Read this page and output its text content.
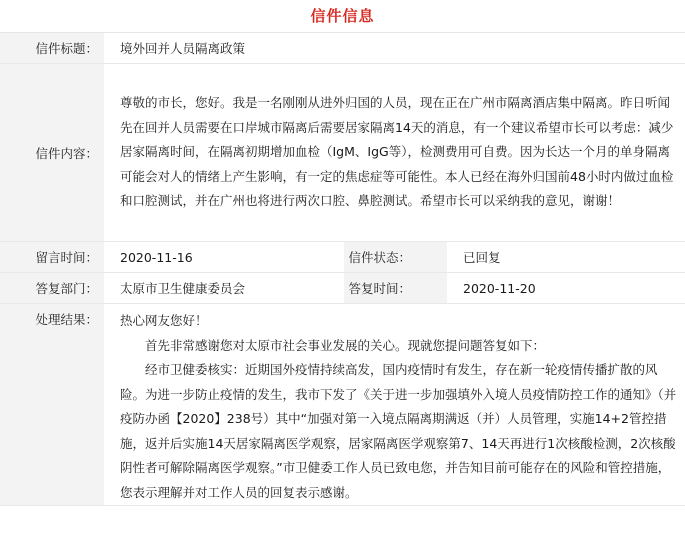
信件信息
信件标题：	境外回并人员隔离政策		
信件内容：	尊敬的市长，您好。我是一名刚刚从进外归国的人员，现在正在广州市隔离酒店集中隔离。昨日听闻先在回并人员需要在口岸城市隔离后需要居家隔离14天的消息，有一个建议希望市长可以考虑：减少居家隔离时间，在隔离初期增加血检（IgM、IgG等），检测费用可自费。因为长达一个月的单身隔离可能会对人的情绪上产生影响，有一定的焦虑症等可能性。本人已经在海外归国前48小时内做过血检和口腔测试，并在广州也将进行两次口腔、鼻腔测试。希望市长可以采纳我的意见，谢谢！		

留言时间：	2020-11-16	信件状态：	已回复
答复部门：	太原市卫生健康委员会	答复时间：	2020-11-20
处理结果：	热心网友您好！

首先非常感谢您对太原市社会事业发展的关心。现就您提问题答复如下：

经市卫健委核实：近期国外疫情持续高发，国内疫情时有发生，存在新一轮疫情传播扩散的风险。为进一步防止疫情的发生，我市下发了《关于进一步加强填外入境人员疫情防控工作的通知》（并疫防办函【2020】238号）其中“加强对第一入境点隔离期满返（并）人员管理，实施14+2管控措施，返并后实施14天居家隔离医学观察，居家隔离医学观察第7、14天再进行1次核酸检测，2次核酸阴性者可解除隔离医学观察。”市卫健委工作人员已致电您，并告知目前可能存在的风险和管控措施，您表示理解并对工作人员的回复表示感谢。		
